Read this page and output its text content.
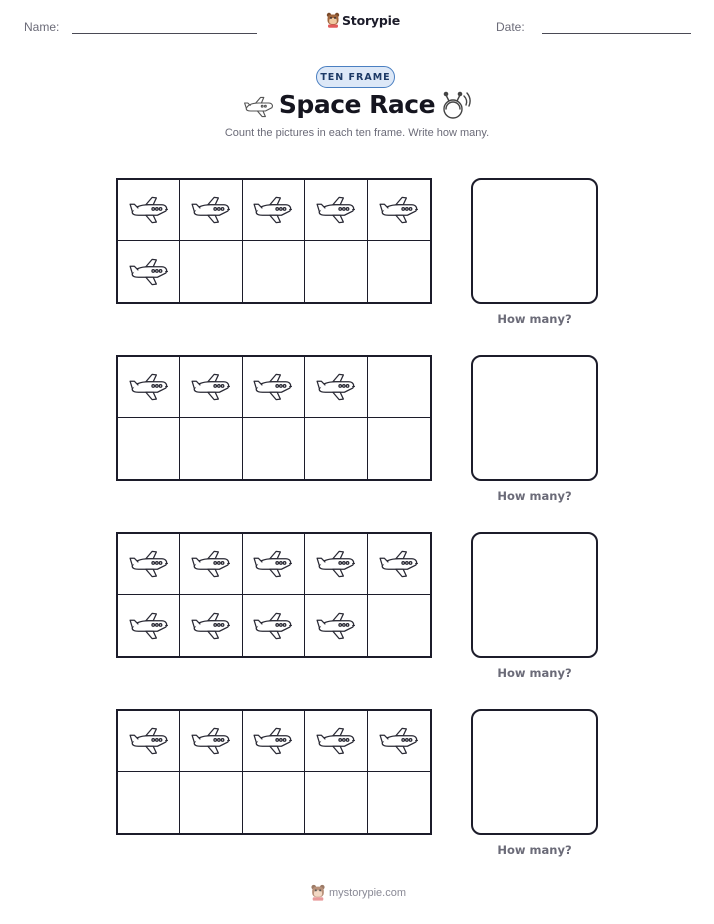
Name:	Storypie	Date:
TEN FRAME
Space Race
Count the pictures in each ten frame. Write how many.
How many?
How many?
How many?
How many?
mystorypie.com
